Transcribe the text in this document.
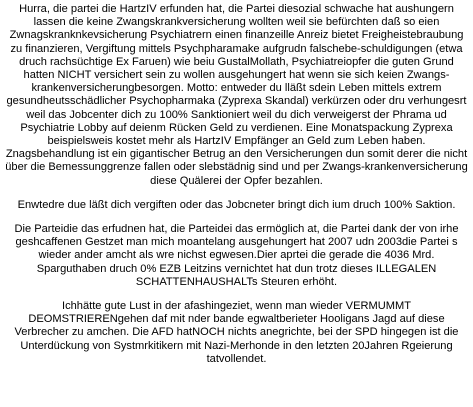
Hurra, die partei die HartzIV erfunden hat, die Partei diesozial schwache hat aushungern lassen die keine Zwangskrankversicherung wollten weil sie befürchten daß so eien Zwnagskranknkevsicherung Psychiatrern einen finanzeille Anreiz bietet Freigheistebraubung zu finanzieren, Vergiftung mittels Psychpharamake aufgrudn falschebe-schuldigungen (etwa druch rachsüchtige Ex Faruen) wie beiu GustalMollath, Psychiatreiopfer die guten Grund hatten NICHT versichert sein zu wollen ausgehungert hat wenn sie sich keien Zwangs-krankenversicherungbesorgen. Motto: entweder du lläßt sdein Leben mittels extrem gesundheutsschädlicher Psychopharmaka (Zyprexa Skandal) verkürzen oder dru verhungesrt weil das Jobcenter dich zu 100% Sanktioniert weil du dich verweigerst der Phrama ud Psychiatrie Lobby auf deienm Rücken Geld zu verdienen. Eine Monatspackung Zyprexa beispielsweis kostet mehr als HartzIV Empfänger an Geld zum Leben haben. Znagsbehandlung ist ein gigantischer Betrug an den Versicherungen dun somit derer die nicht über die Bemessunggrenze fallen oder slebstädnig sind und per Zwangs-krankenversicherung diese Quälerei der Opfer bezahlen.

Enwtedre due läßt dich vergiften oder das Jobcneter bringt dich ium druch 100% Saktion.

Die Parteidie das erfudnen hat, die Parteidei das ermöglich at, die Partei dank der von irhe geshcaffenen Gestzet man mich moantelang ausgehungert hat 2007 udn 2003die Partei s wieder ander amcht als wre nichst egwesen.Dier aprtei die gerade die 4036 Mrd. Sparguthaben druch 0% EZB Leitzins vernichtet hat dun trotz dieses ILLEGALEN SCHATTENHAUSHALTs Steuren erhöht.

Ichhätte gute Lust in der afashingeziet, wenn man wieder VERMUMMT DEOMSTRIERENgehen daf mit nder bande egwaltberieter Hooligans Jagd auf diese Verbrecher zu amchen. Die AFD hatNOCH nichts anegrichte, bei der SPD hingegen ist die Unterdückung von Systmrkitikern mit Nazi-Merhonde in den letzten 20Jahren Rgeierung tatvollendet.
